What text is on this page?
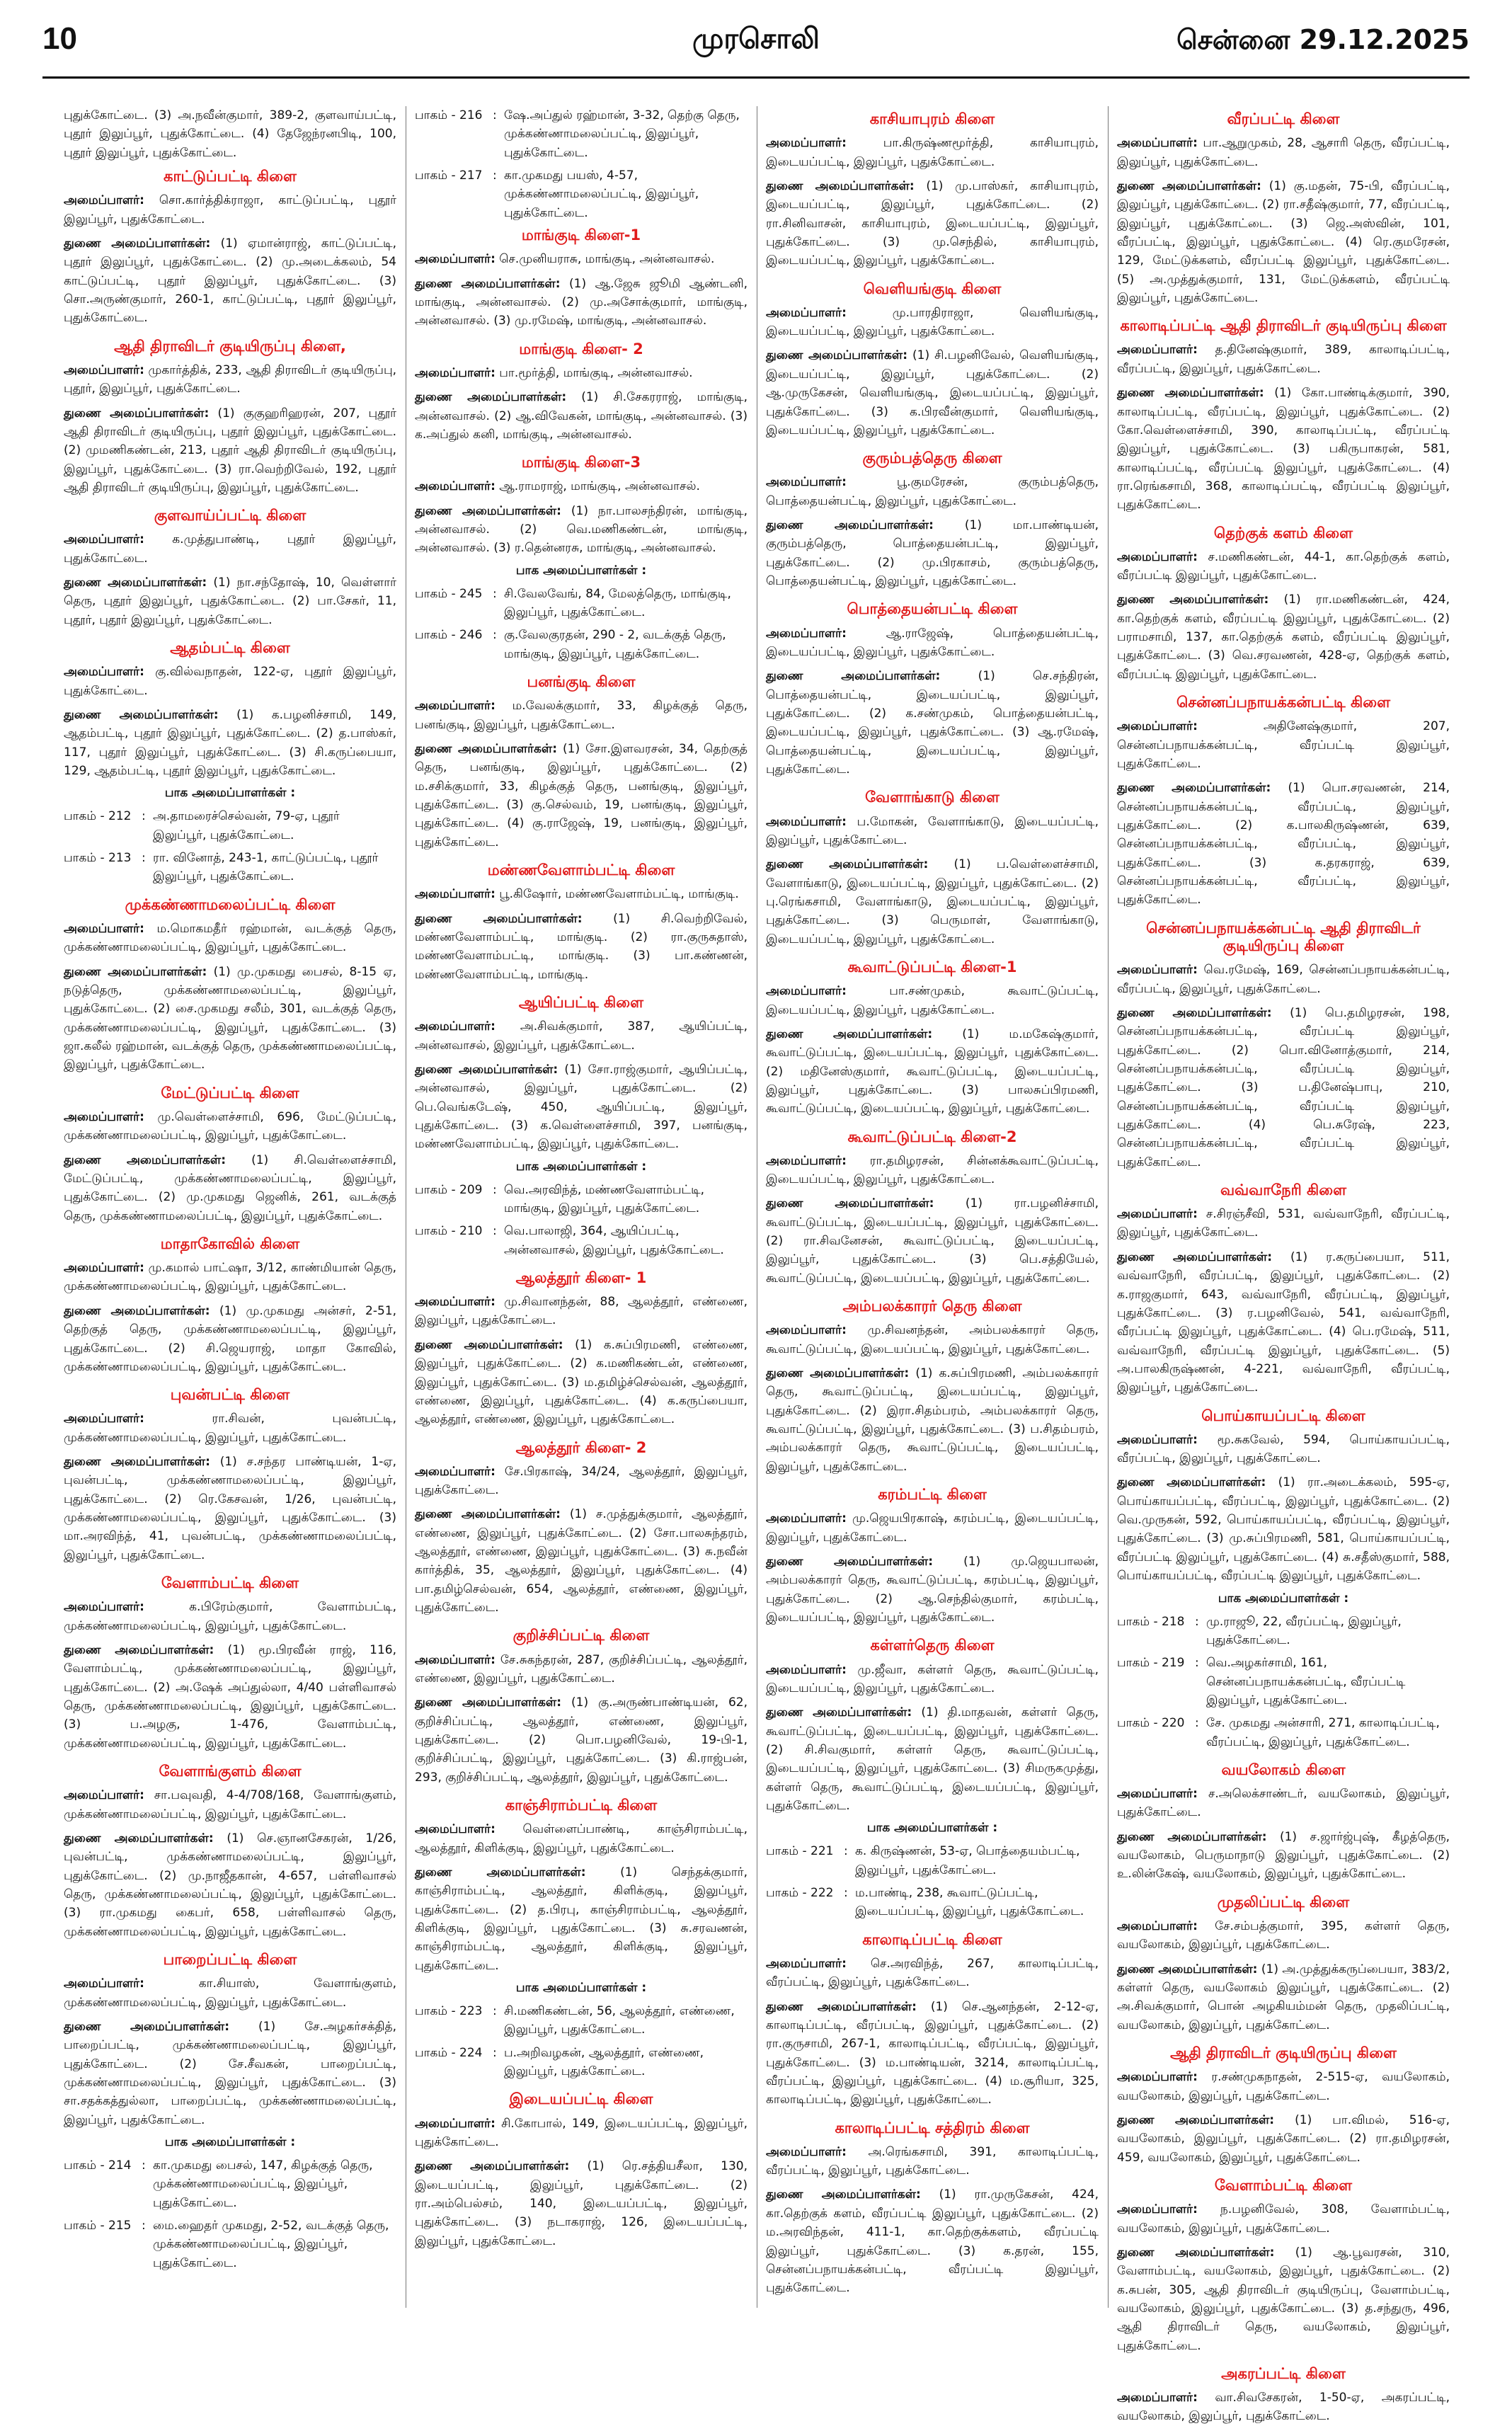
10	முரசொலி	சென்னை 29.12.2025

புதுக்கோட்டை. (3) அ.நவீன்குமார், 389-2, குளவாய்பட்டி, புதூர் இலுப்பூர், புதுக்கோட்டை. (4) தேஜேந்ரனபிடி, 100, புதூர் இலுப்பூர், புதுக்கோட்டை.

காட்டுப்பட்டி கிளை

அமைப்பாளர்: சொ.கார்த்திக்ராஜா, காட்டுப்பட்டி, புதூர் இலுப்பூர், புதுக்கோட்டை.

துணை அமைப்பாளர்கள்: (1) ஏமான்ராஜ், காட்டுப்பட்டி, புதூர் இலுப்பூர், புதுக்கோட்டை. (2) மு.அடைக்கலம், 54 காட்டுப்பட்டி, புதூர் இலுப்பூர், புதுக்கோட்டை. (3) சொ.அருண்குமார், 260-1, காட்டுப்பட்டி, புதூர் இலுப்பூர், புதுக்கோட்டை.

ஆதி திராவிடர் குடியிருப்பு கிளை,

அமைப்பாளர்: முகார்த்திக், 233, ஆதி திராவிடர் குடியிருப்பு, புதூர், இலுப்பூர், புதுக்கோட்டை.

துணை அமைப்பாளர்கள்: (1) குகுஹரிஹரன், 207, புதூர் ஆதி திராவிடர் குடியிருப்பு, புதூர் இலுப்பூர், புதுக்கோட்டை. (2) முமணிகண்டன், 213, புதூர் ஆதி திராவிடர் குடியிருப்பு, இலுப்பூர், புதுக்கோட்டை. (3) ரா.வெற்றிவேல், 192, புதூர் ஆதி திராவிடர் குடியிருப்பு, இலுப்பூர், புதுக்கோட்டை.

குளவாய்ப்பட்டி கிளை

அமைப்பாளர்: க.முத்துபாண்டி, புதூர் இலுப்பூர், புதுக்கோட்டை.

துணை அமைப்பாளர்கள்: (1) நா.சந்தோஷ், 10, வெள்ளார் தெரு, புதூர் இலுப்பூர், புதுக்கோட்டை. (2) பா.சேகர், 11, புதூர், புதூர் இலுப்பூர், புதுக்கோட்டை.

ஆதம்பட்டி கிளை

அமைப்பாளர்: கு.வில்வநாதன், 122-ஏ, புதூர் இலுப்பூர், புதுக்கோட்டை.

துணை அமைப்பாளர்கள்: (1) க.பழனிச்சாமி, 149, ஆதம்பட்டி, புதூர் இலுப்பூர், புதுக்கோட்டை. (2) த.பாஸ்கர், 117, புதூர் இலுப்பூர், புதுக்கோட்டை. (3) சி.கருப்பையா, 129, ஆதம்பட்டி, புதூர் இலுப்பூர், புதுக்கோட்டை.

பாக அமைப்பாளர்கள் :
பாகம் - 212 : அ.தாமரைச்செல்வன், 79-ஏ, புதூர் இலுப்பூர், புதுக்கோட்டை.
பாகம் - 213 : ரா. வினோத், 243-1, காட்டுப்பட்டி, புதூர் இலுப்பூர், புதுக்கோட்டை.
முக்கண்ணாமலைப்பட்டி கிளை

அமைப்பாளர்: ம.மொகமதீர் ரஹ்மான், வடக்குத் தெரு, முக்கண்ணாமலைப்பட்டி, இலுப்பூர், புதுக்கோட்டை.

துணை அமைப்பாளர்கள்: (1) மு.முகமது பைசல், 8-15 ஏ, நடுத்தெரு, முக்கண்ணாமலைப்பட்டி, இலுப்பூர், புதுக்கோட்டை. (2) சை.முகமது சலீம், 301, வடக்குத் தெரு, முக்கண்ணாமலைப்பட்டி, இலுப்பூர், புதுக்கோட்டை. (3) ஜா.கலீல் ரஹ்மான், வடக்குத் தெரு, முக்கண்ணாமலைப்பட்டி, இலுப்பூர், புதுக்கோட்டை.

மேட்டுப்பட்டி கிளை

அமைப்பாளர்: மு.வெள்ளைச்சாமி, 696, மேட்டுப்பட்டி, முக்கண்ணாமலைப்பட்டி, இலுப்பூர், புதுக்கோட்டை.

துணை அமைப்பாளர்கள்: (1) சி.வெள்ளைச்சாமி, மேட்டுப்பட்டி, முக்கண்ணாமலைப்பட்டி, இலுப்பூர், புதுக்கோட்டை. (2) மு.முகமது ஜெனிக், 261, வடக்குத் தெரு, முக்கண்ணாமலைப்பட்டி, இலுப்பூர், புதுக்கோட்டை.

மாதாகோவில் கிளை

அமைப்பாளர்: மு.கமால் பாட்ஷா, 3/12, காண்மியான் தெரு, முக்கண்ணாமலைப்பட்டி, இலுப்பூர், புதுக்கோட்டை.

துணை அமைப்பாளர்கள்: (1) மு.முகமது அன்சர், 2-51, தெற்குத் தெரு, முக்கண்ணாமலைப்பட்டி, இலுப்பூர், புதுக்கோட்டை. (2) சி.ஜெயராஜ், மாதா கோவில், முக்கண்ணாமலைப்பட்டி, இலுப்பூர், புதுக்கோட்டை.

புவன்பட்டி கிளை

அமைப்பாளர்:	ரா.சிவன், புவன்பட்டி, முக்கண்ணாமலைப்பட்டி, இலுப்பூர், புதுக்கோட்டை.

துணை அமைப்பாளர்கள்: (1) ச.சந்தர பாண்டியன், 1-ஏ, புவன்பட்டி, முக்கண்ணாமலைப்பட்டி, இலுப்பூர், புதுக்கோட்டை. (2) ரெ.கேசவன், 1/26, புவன்பட்டி, முக்கண்ணாமலைப்பட்டி, இலுப்பூர், புதுக்கோட்டை. (3) மா.அரவிந்த், 41, புவன்பட்டி, முக்கண்ணாமலைப்பட்டி, இலுப்பூர், புதுக்கோட்டை.

வேளாம்பட்டி கிளை

அமைப்பாளர்:	க.பிரேம்குமார், வேளாம்பட்டி, முக்கண்ணாமலைப்பட்டி, இலுப்பூர், புதுக்கோட்டை.

துணை அமைப்பாளர்கள்: (1) மூ.பிரவீன் ராஜ், 116, வேளாம்பட்டி, முக்கண்ணாமலைப்பட்டி, இலுப்பூர், புதுக்கோட்டை. (2) அ.ஷேக் அப்துல்லா, 4/40 பள்ளிவாசல் தெரு, முக்கண்ணாமலைப்பட்டி, இலுப்பூர், புதுக்கோட்டை. (3) ப.அழகு, 1-476, வேளாம்பட்டி, முக்கண்ணாமலைப்பட்டி, இலுப்பூர், புதுக்கோட்டை.

வேளாங்குளம் கிளை

அமைப்பாளர்: சா.பவுவதி, 4-4/708/168, வேளாங்குளம், முக்கண்ணாமலைப்பட்டி, இலுப்பூர், புதுக்கோட்டை.

துணை அமைப்பாளர்கள்: (1) செ.ஞானசேகரன், 1/26, புவன்பட்டி, முக்கண்ணாமலைப்பட்டி, இலுப்பூர், புதுக்கோட்டை. (2) மு.நாஜீதகான், 4-657, பள்ளிவாசல் தெரு, முக்கண்ணாமலைப்பட்டி, இலுப்பூர், புதுக்கோட்டை. (3) ரா.முகமது கைபர், 658, பள்ளிவாசல் தெரு, முக்கண்ணாமலைப்பட்டி, இலுப்பூர், புதுக்கோட்டை.

பாறைப்பட்டி கிளை

அமைப்பாளர்:	கா.சியாஸ், வேளாங்குளம், முக்கண்ணாமலைப்பட்டி, இலுப்பூர், புதுக்கோட்டை.

துணை அமைப்பாளர்கள்: (1) சே.அழகர்சக்தித், பாறைப்பட்டி, முக்கண்ணாமலைப்பட்டி, இலுப்பூர், புதுக்கோட்டை. (2) சே.சீவகன், பாறைப்பட்டி, முக்கண்ணாமலைப்பட்டி, இலுப்பூர், புதுக்கோட்டை. (3) சா.சதக்கத்துல்லா, பாறைப்பட்டி, முக்கண்ணாமலைப்பட்டி, இலுப்பூர், புதுக்கோட்டை.

பாக அமைப்பாளர்கள் :
பாகம் - 214 : கா.முகமது பைசல், 147, கிழக்குத் தெரு, முக்கண்ணாமலைப்பட்டி, இலுப்பூர், புதுக்கோட்டை.
பாகம் - 215 : மை.ஹைதர் முகமது, 2-52, வடக்குத் தெரு, முக்கண்ணாமலைப்பட்டி, இலுப்பூர், புதுக்கோட்டை.
பாகம் - 216 : ஷே.அப்துல் ரஹ்மான், 3-32, தெற்கு தெரு, முக்கண்ணாமலைப்பட்டி, இலுப்பூர், புதுக்கோட்டை.
பாகம் - 217 : கா.முகமது பயஸ், 4-57, முக்கண்ணாமலைப்பட்டி, இலுப்பூர், புதுக்கோட்டை.
மாங்குடி கிளை-1

அமைப்பாளர்: செ.முனியராசு, மாங்குடி, அன்னவாசல்.

துணை அமைப்பாளர்கள்: (1) ஆ.ஜேசு ஜூமி ஆண்டனி, மாங்குடி, அன்னவாசல். (2) மு.அசோக்குமார், மாங்குடி, அன்னவாசல். (3) மு.ரமேஷ், மாங்குடி, அன்னவாசல்.

மாங்குடி கிளை- 2

அமைப்பாளர்: பா.மூர்த்தி, மாங்குடி, அன்னவாசல்.

துணை அமைப்பாளர்கள்: (1) சி.சேகரராஜ், மாங்குடி, அன்னவாசல். (2) ஆ.விவேகன், மாங்குடி, அன்னவாசல். (3) க.அப்துல் கனி, மாங்குடி, அன்னவாசல்.

மாங்குடி கிளை-3

அமைப்பாளர்: ஆ.ராமராஜ், மாங்குடி, அன்னவாசல்.

துணை அமைப்பாளர்கள்: (1) நா.பாலசந்திரன், மாங்குடி, அன்னவாசல். (2) வெ.மணிகண்டன், மாங்குடி, அன்னவாசல். (3) ர.தென்னரசு, மாங்குடி, அன்னவாசல்.

பாக அமைப்பாளர்கள் :
பாகம் - 245 : சி.வேலவேங், 84, மேலத்தெரு, மாங்குடி, இலுப்பூர், புதுக்கோட்டை.
பாகம் - 246 : கு.வேலகுரதன், 290 - 2, வடக்குத் தெரு, மாங்குடி, இலுப்பூர், புதுக்கோட்டை.
பனங்குடி கிளை

அமைப்பாளர்: ம.வேலக்குமார், 33, கிழக்குத் தெரு, பனங்குடி, இலுப்பூர், புதுக்கோட்டை.

துணை அமைப்பாளர்கள்: (1) சோ.இளவரசன், 34, தெற்குத் தெரு, பனங்குடி, இலுப்பூர், புதுக்கோட்டை. (2) ம.சசிக்குமார், 33, கிழக்குத் தெரு, பனங்குடி, இலுப்பூர், புதுக்கோட்டை. (3) கு.செல்வம், 19, பனங்குடி, இலுப்பூர், புதுக்கோட்டை. (4) கு.ராஜேஷ், 19, பனங்குடி, இலுப்பூர், புதுக்கோட்டை.

மண்ணவேளாம்பட்டி கிளை

அமைப்பாளர்: பூ.கிஷோர், மண்ணவேளாம்பட்டி, மாங்குடி.

துணை அமைப்பாளர்கள்:	(1) சி.வெற்றிவேல், மண்ணவேளாம்பட்டி, மாங்குடி. (2) ரா.குருசுதாஸ், மண்ணவேளாம்பட்டி, மாங்குடி. (3) பா.கண்ணன், மண்ணவேளாம்பட்டி, மாங்குடி.

ஆயிப்பட்டி கிளை

அமைப்பாளர்: அ.சிவக்குமார், 387, ஆயிப்பட்டி, அன்னவாசல், இலுப்பூர், புதுக்கோட்டை.

துணை அமைப்பாளர்கள்: (1) சோ.ராஜ்குமார், ஆயிப்பட்டி, அன்னவாசல், இலுப்பூர், புதுக்கோட்டை. (2) பெ.வெங்கடேஷ், 450, ஆயிப்பட்டி, இலுப்பூர், புதுக்கோட்டை. (3) க.வெள்ளைச்சாமி, 397, பனங்குடி, மண்ணவேளாம்பட்டி, இலுப்பூர், புதுக்கோட்டை.

பாக அமைப்பாளர்கள் :
பாகம் - 209 : வெ.அரவிந்த், மண்ணவேளாம்பட்டி, மாங்குடி, இலுப்பூர், புதுக்கோட்டை.
பாகம் - 210 : வெ.பாலாஜி, 364, ஆயிப்பட்டி, அன்னவாசல், இலுப்பூர், புதுக்கோட்டை.
ஆலத்தூர் கிளை- 1

அமைப்பாளர்: மு.சிவானந்தன், 88, ஆலத்தூர், எண்ணை, இலுப்பூர், புதுக்கோட்டை.

துணை அமைப்பாளர்கள்: (1) க.சுப்பிரமணி, எண்ணை, இலுப்பூர், புதுக்கோட்டை. (2) க.மணிகண்டன், எண்ணை, இலுப்பூர், புதுக்கோட்டை. (3) ம.தமிழ்ச்செல்வன், ஆலத்தூர், எண்ணை, இலுப்பூர், புதுக்கோட்டை. (4) க.கருப்பையா, ஆலத்தூர், எண்ணை, இலுப்பூர், புதுக்கோட்டை.

ஆலத்தூர் கிளை- 2

அமைப்பாளர்: சே.பிரகாஷ், 34/24, ஆலத்தூர், இலுப்பூர், புதுக்கோட்டை.

துணை அமைப்பாளர்கள்: (1) ச.முத்துக்குமார், ஆலத்தூர், எண்ணை, இலுப்பூர், புதுக்கோட்டை. (2) சோ.பாலசுந்தரம், ஆலத்தூர், எண்ணை, இலுப்பூர், புதுக்கோட்டை. (3) சு.நவீன் கார்த்திக், 35, ஆலத்தூர், இலுப்பூர், புதுக்கோட்டை. (4) பா.தமிழ்செல்வன், 654, ஆலத்தூர், எண்ணை, இலுப்பூர், புதுக்கோட்டை.

குறிச்சிப்பட்டி கிளை

அமைப்பாளர்: சே.சுகந்தரன், 287, குறிச்சிப்பட்டி, ஆலத்தூர், எண்ணை, இலுப்பூர், புதுக்கோட்டை.

துணை அமைப்பாளர்கள்: (1) கு.அருண்பாண்டியன், 62, குறிச்சிப்பட்டி, ஆலத்தூர், எண்ணை, இலுப்பூர், புதுக்கோட்டை. (2) பொ.பழனிவேல், 19-பி-1, குறிச்சிப்பட்டி, இலுப்பூர், புதுக்கோட்டை. (3) கி.ராஜ்பன், 293, குறிச்சிப்பட்டி, ஆலத்தூர், இலுப்பூர், புதுக்கோட்டை.

காஞ்சிராம்பட்டி கிளை

அமைப்பாளர்: வெள்ளைப்பாண்டி, காஞ்சிராம்பட்டி, ஆலத்தூர், கிளிக்குடி, இலுப்பூர், புதுக்கோட்டை.

துணை அமைப்பாளர்கள்:	(1) செந்தக்குமார், காஞ்சிராம்பட்டி, ஆலத்தூர், கிளிக்குடி, இலுப்பூர், புதுக்கோட்டை. (2) த.பிரபு, காஞ்சிராம்பட்டி, ஆலத்தூர், கிளிக்குடி, இலுப்பூர், புதுக்கோட்டை. (3) சு.சரவணன், காஞ்சிராம்பட்டி, ஆலத்தூர், கிளிக்குடி, இலுப்பூர், புதுக்கோட்டை.

பாக அமைப்பாளர்கள் :
பாகம் - 223 : சி.மணிகண்டன், 56, ஆலத்தூர், எண்ணை, இலுப்பூர், புதுக்கோட்டை.
பாகம் - 224 : ப.அறிவழகன், ஆலத்தூர், எண்ணை, இலுப்பூர், புதுக்கோட்டை.
இடையப்பட்டி கிளை

அமைப்பாளர்: சி.கோபால், 149, இடையப்பட்டி, இலுப்பூர், புதுக்கோட்டை.

துணை அமைப்பாளர்கள்: (1) ரெ.சத்தியசீலா, 130, இடையப்பட்டி, இலுப்பூர், புதுக்கோட்டை. (2) ரா.அம்பெல்சம், 140, இடையப்பட்டி, இலுப்பூர், புதுக்கோட்டை. (3) நடாகராஜ், 126, இடையப்பட்டி, இலுப்பூர், புதுக்கோட்டை.

காசியாபுரம் கிளை

அமைப்பாளர்:	பா.கிருஷ்ணமூர்த்தி, காசியாபுரம், இடையப்பட்டி, இலுப்பூர், புதுக்கோட்டை.

துணை அமைப்பாளர்கள்: (1) மு.பாஸ்கர், காசியாபுரம், இடையப்பட்டி, இலுப்பூர், புதுக்கோட்டை. (2) ரா.சினிவாசன், காசியாபுரம், இடையப்பட்டி, இலுப்பூர், புதுக்கோட்டை. (3) மு.செந்தில், காசியாபுரம், இடையப்பட்டி, இலுப்பூர், புதுக்கோட்டை.

வெளியங்குடி கிளை

அமைப்பாளர்:	மு.பாரதிராஜா, வெளியங்குடி, இடையப்பட்டி, இலுப்பூர், புதுக்கோட்டை.

துணை அமைப்பாளர்கள்: (1) சி.பழனிவேல், வெளியங்குடி, இடையப்பட்டி, இலுப்பூர், புதுக்கோட்டை. (2) ஆ.முருகேசன், வெளியங்குடி, இடையப்பட்டி, இலுப்பூர், புதுக்கோட்டை. (3) க.பிரவீன்குமார், வெளியங்குடி, இடையப்பட்டி, இலுப்பூர், புதுக்கோட்டை.

குரும்பத்தெரு கிளை

அமைப்பாளர்:	பூ.குமரேசன், குரும்பத்தெரு, பொத்தையன்பட்டி, இலுப்பூர், புதுக்கோட்டை.

துணை அமைப்பாளர்கள்:	(1) மா.பாண்டியன், குரும்பத்தெரு, பொத்தையன்பட்டி, இலுப்பூர், புதுக்கோட்டை. (2) மு.பிரகாசம், குரும்பத்தெரு, பொத்தையன்பட்டி, இலுப்பூர், புதுக்கோட்டை.

பொத்தையன்பட்டி கிளை

அமைப்பாளர்:	ஆ.ராஜேஷ், பொத்தையன்பட்டி, இடையப்பட்டி, இலுப்பூர், புதுக்கோட்டை.

துணை அமைப்பாளர்கள்:	(1) செ.சந்திரன், பொத்தையன்பட்டி, இடையப்பட்டி, இலுப்பூர், புதுக்கோட்டை. (2) க.சண்முகம், பொத்தையன்பட்டி, இடையப்பட்டி, இலுப்பூர், புதுக்கோட்டை. (3) ஆ.ரமேஷ், பொத்தையன்பட்டி, இடையப்பட்டி, இலுப்பூர், புதுக்கோட்டை.

வேளாங்காடு கிளை

அமைப்பாளர்: ப.மோகன், வேளாங்காடு, இடையப்பட்டி, இலுப்பூர், புதுக்கோட்டை.

துணை அமைப்பாளர்கள்: (1) ப.வெள்ளைச்சாமி, வேளாங்காடு, இடையப்பட்டி, இலுப்பூர், புதுக்கோட்டை. (2) பு.ரெங்கசாமி, வேளாங்காடு, இடையப்பட்டி, இலுப்பூர், புதுக்கோட்டை. (3) பெருமாள், வேளாங்காடு, இடையப்பட்டி, இலுப்பூர், புதுக்கோட்டை.

கூவாட்டுப்பட்டி கிளை-1

அமைப்பாளர்:	பா.சண்முகம், கூவாட்டுப்பட்டி, இடையப்பட்டி, இலுப்பூர், புதுக்கோட்டை.

துணை அமைப்பாளர்கள்: (1) ம.மகேஷ்குமார், கூவாட்டுப்பட்டி, இடையப்பட்டி, இலுப்பூர், புதுக்கோட்டை. (2) மதினேஸ்குமார், கூவாட்டுப்பட்டி, இடையப்பட்டி, இலுப்பூர், புதுக்கோட்டை. (3) பாலசுப்பிரமணி, கூவாட்டுப்பட்டி, இடையப்பட்டி, இலுப்பூர், புதுக்கோட்டை.

கூவாட்டுப்பட்டி கிளை-2

அமைப்பாளர்: ரா.தமிழரசன், சின்னக்கூவாட்டுப்பட்டி, இடையப்பட்டி, இலுப்பூர், புதுக்கோட்டை.

துணை அமைப்பாளர்கள்:	(1) ரா.பழனிச்சாமி, கூவாட்டுப்பட்டி, இடையப்பட்டி, இலுப்பூர், புதுக்கோட்டை. (2) ரா.சிவனேசன், கூவாட்டுப்பட்டி, இடையப்பட்டி, இலுப்பூர், புதுக்கோட்டை. (3) பெ.சத்தியேல், கூவாட்டுப்பட்டி, இடையப்பட்டி, இலுப்பூர், புதுக்கோட்டை.

அம்பலக்காரர் தெரு கிளை

அமைப்பாளர்: மு.சிவனந்தன், அம்பலக்காரர் தெரு, கூவாட்டுப்பட்டி, இடையப்பட்டி, இலுப்பூர், புதுக்கோட்டை.

துணை அமைப்பாளர்கள்: (1) க.சுப்பிரமணி, அம்பலக்காரர் தெரு, கூவாட்டுப்பட்டி, இடையப்பட்டி, இலுப்பூர், புதுக்கோட்டை. (2) இரா.சிதம்பரம், அம்பலக்காரர் தெரு, கூவாட்டுப்பட்டி, இலுப்பூர், புதுக்கோட்டை. (3) ப.சிதம்பரம், அம்பலக்காரர் தெரு, கூவாட்டுப்பட்டி, இடையப்பட்டி, இலுப்பூர், புதுக்கோட்டை.

கரம்பட்டி கிளை

அமைப்பாளர்: மு.ஜெயபிரகாஷ், கரம்பட்டி, இடையப்பட்டி, இலுப்பூர், புதுக்கோட்டை.

துணை அமைப்பாளர்கள்:	(1) மு.ஜெயபாலன், அம்பலக்காரர் தெரு, கூவாட்டுப்பட்டி, கரம்பட்டி, இலுப்பூர், புதுக்கோட்டை. (2) ஆ.செந்தில்குமார், கரம்பட்டி, இடையப்பட்டி, இலுப்பூர், புதுக்கோட்டை.

கள்ளர்தெரு கிளை

அமைப்பாளர்: மு.ஜீவா, கள்ளர் தெரு, கூவாட்டுப்பட்டி, இடையப்பட்டி, இலுப்பூர், புதுக்கோட்டை.

துணை அமைப்பாளர்கள்: (1) தி.மாதவன், கள்ளர் தெரு, கூவாட்டுப்பட்டி, இடையப்பட்டி, இலுப்பூர், புதுக்கோட்டை. (2) சி.சிவகுமார், கள்ளர் தெரு, கூவாட்டுப்பட்டி, இடையப்பட்டி, இலுப்பூர், புதுக்கோட்டை. (3) சிமருகமுத்து, கள்ளர் தெரு, கூவாட்டுப்பட்டி, இடையப்பட்டி, இலுப்பூர், புதுக்கோட்டை.

பாக அமைப்பாளர்கள் :
பாகம் - 221 : க. கிருஷ்ணன், 53-ஏ, பொத்தையம்பட்டி, இலுப்பூர், புதுக்கோட்டை.
பாகம் - 222 : ம.பாண்டி, 238, கூவாட்டுப்பட்டி, இடையப்பட்டி, இலுப்பூர், புதுக்கோட்டை.
காலாடிப்பட்டி கிளை

அமைப்பாளர்: செ.அரவிந்த், 267, காலாடிப்பட்டி, வீரப்பட்டி, இலுப்பூர், புதுக்கோட்டை.

துணை அமைப்பாளர்கள்: (1) செ.ஆனந்தன், 2-12-ஏ, காலாடிப்பட்டி, வீரப்பட்டி, இலுப்பூர், புதுக்கோட்டை. (2) ரா.குருசாமி, 267-1, காலாடிப்பட்டி, வீரப்பட்டி, இலுப்பூர், புதுக்கோட்டை. (3) ம.பாண்டியன், 3214, காலாடிப்பட்டி, வீரப்பட்டி, இலுப்பூர், புதுக்கோட்டை. (4) ம.சூரியா, 325, காலாடிப்பட்டி, இலுப்பூர், புதுக்கோட்டை.

காலாடிப்பட்டி சத்திரம் கிளை

அமைப்பாளர்: அ.ரெங்கசாமி, 391, காலாடிப்பட்டி, வீரப்பட்டி, இலுப்பூர், புதுக்கோட்டை.

துணை அமைப்பாளர்கள்: (1) ரா.முருகேசன், 424, கா.தெற்குக் களம், வீரப்பட்டி இலுப்பூர், புதுக்கோட்டை. (2) ம.அரவிந்தன், 411-1, கா.தெற்குக்களம், வீரப்பட்டி இலுப்பூர், புதுக்கோட்டை. (3) க.தரன், 155, சென்னப்பநாயக்கன்பட்டி, வீரப்பட்டி இலுப்பூர், புதுக்கோட்டை.

வீரப்பட்டி கிளை

அமைப்பாளர்: பா.ஆறுமுகம், 28, ஆசாரி தெரு, வீரப்பட்டி, இலுப்பூர், புதுக்கோட்டை.

துணை அமைப்பாளர்கள்: (1) கு.மதன், 75-பி, வீரப்பட்டி, இலுப்பூர், புதுக்கோட்டை. (2) ரா.சதீஷ்குமார், 77, வீரப்பட்டி, இலுப்பூர், புதுக்கோட்டை. (3) ஜெ.அஸ்வின், 101, வீரப்பட்டி, இலுப்பூர், புதுக்கோட்டை. (4) ரெ.குமரேசன், 129, மேட்டுக்களம், வீரப்பட்டி இலுப்பூர், புதுக்கோட்டை. (5) அ.முத்துக்குமார், 131, மேட்டுக்களம், வீரப்பட்டி இலுப்பூர், புதுக்கோட்டை.

காலாடிப்பட்டி ஆதி திராவிடர் குடியிருப்பு கிளை

அமைப்பாளர்: த.தினேஷ்குமார், 389, காலாடிப்பட்டி, வீரப்பட்டி, இலுப்பூர், புதுக்கோட்டை.

துணை அமைப்பாளர்கள்: (1) கோ.பாண்டிக்குமார், 390, காலாடிப்பட்டி, வீரப்பட்டி, இலுப்பூர், புதுக்கோட்டை. (2) கோ.வெள்ளைச்சாமி, 390, காலாடிப்பட்டி, வீரப்பட்டி இலுப்பூர், புதுக்கோட்டை. (3) பகிருபாகரன், 581, காலாடிப்பட்டி, வீரப்பட்டி இலுப்பூர், புதுக்கோட்டை. (4) ரா.ரெங்கசாமி, 368, காலாடிப்பட்டி, வீரப்பட்டி இலுப்பூர், புதுக்கோட்டை.

தெற்குக் களம் கிளை

அமைப்பாளர்: ச.மணிகண்டன், 44-1, கா.தெற்குக் களம், வீரப்பட்டி இலுப்பூர், புதுக்கோட்டை.

துணை அமைப்பாளர்கள்: (1) ரா.மணிகண்டன், 424, கா.தெற்குக் களம், வீரப்பட்டி இலுப்பூர், புதுக்கோட்டை. (2) பராமசாமி, 137, கா.தெற்குக் களம், வீரப்பட்டி இலுப்பூர், புதுக்கோட்டை. (3) வெ.சரவணன், 428-ஏ, தெற்குக் களம், வீரப்பட்டி இலுப்பூர், புதுக்கோட்டை.

சென்னப்பநாயக்கன்பட்டி கிளை

அமைப்பாளர்:	அதினேஷ்குமார், 207, சென்னப்பநாயக்கன்பட்டி, வீரப்பட்டி இலுப்பூர், புதுக்கோட்டை.

துணை அமைப்பாளர்கள்: (1) பொ.சரவணன், 214, சென்னப்பநாயக்கன்பட்டி, வீரப்பட்டி, இலுப்பூர், புதுக்கோட்டை. (2) க.பாலகிருஷ்ணன், 639, சென்னப்பநாயக்கன்பட்டி, வீரப்பட்டி, இலுப்பூர், புதுக்கோட்டை. (3) க.தரகராஜ், 639, சென்னப்பநாயக்கன்பட்டி, வீரப்பட்டி, இலுப்பூர், புதுக்கோட்டை.

சென்னப்பநாயக்கன்பட்டி ஆதி திராவிடர் குடியிருப்பு கிளை

அமைப்பாளர்: வெ.ரமேஷ், 169, சென்னப்பநாயக்கன்பட்டி, வீரப்பட்டி, இலுப்பூர், புதுக்கோட்டை.

துணை அமைப்பாளர்கள்: (1) பெ.தமிழரசன், 198, சென்னப்பநாயக்கன்பட்டி, வீரப்பட்டி இலுப்பூர், புதுக்கோட்டை. (2) பொ.வினோத்குமார், 214, சென்னப்பநாயக்கன்பட்டி, வீரப்பட்டி இலுப்பூர், புதுக்கோட்டை. (3) ப.தினேஷ்பாபு, 210, சென்னப்பநாயக்கன்பட்டி, வீரப்பட்டி இலுப்பூர், புதுக்கோட்டை. (4) பெ.சுரேஷ், 223, சென்னப்பநாயக்கன்பட்டி, வீரப்பட்டி இலுப்பூர், புதுக்கோட்டை.

வவ்வாநேரி கிளை

அமைப்பாளர்: ச.சிரஞ்சீவி, 531, வவ்வாநேரி, வீரப்பட்டி, இலுப்பூர், புதுக்கோட்டை.

துணை அமைப்பாளர்கள்: (1) ர.கருப்பையா, 511, வவ்வாநேரி, வீரப்பட்டி, இலுப்பூர், புதுக்கோட்டை. (2) க.ராஜகுமார், 643, வவ்வாநேரி, வீரப்பட்டி, இலுப்பூர், புதுக்கோட்டை. (3) ர.பழனிவேல், 541, வவ்வாநேரி, வீரப்பட்டி இலுப்பூர், புதுக்கோட்டை. (4) பெ.ரமேஷ், 511, வவ்வாநேரி, வீரப்பட்டி இலுப்பூர், புதுக்கோட்டை. (5) அ.பாலகிருஷ்ணன், 4-221, வவ்வாநேரி, வீரப்பட்டி, இலுப்பூர், புதுக்கோட்டை.

பொய்காயப்பட்டி கிளை

அமைப்பாளர்: மூ.சுகவேல், 594, பொய்காயப்பட்டி, வீரப்பட்டி, இலுப்பூர், புதுக்கோட்டை.

துணை அமைப்பாளர்கள்: (1) ரா.அடைக்கலம், 595-ஏ, பொய்காயப்பட்டி, வீரப்பட்டி, இலுப்பூர், புதுக்கோட்டை. (2) வெ.முருகன், 592, பொய்காயப்பட்டி, வீரப்பட்டி, இலுப்பூர், புதுக்கோட்டை. (3) மு.சுப்பிரமணி, 581, பொய்காயப்பட்டி, வீரப்பட்டி இலுப்பூர், புதுக்கோட்டை. (4) சு.சதீஸ்குமார், 588, பொய்காயப்பட்டி, வீரப்பட்டி இலுப்பூர், புதுக்கோட்டை.

பாக அமைப்பாளர்கள் :
பாகம் - 218 : மு.ராஜூ, 22, வீரப்பட்டி, இலுப்பூர், புதுக்கோட்டை.
பாகம் - 219 : வெ.அழகர்சாமி, 161, சென்னப்பநாயக்கன்பட்டி, வீரப்பட்டி இலுப்பூர், புதுக்கோட்டை.
பாகம் - 220 : சே. முகமது அன்சாரி, 271, காலாடிப்பட்டி, வீரப்பட்டி, இலுப்பூர், புதுக்கோட்டை.
வயலோகம் கிளை

அமைப்பாளர்: ச.அலெக்சாண்டர், வயலோகம், இலுப்பூர், புதுக்கோட்டை.

துணை அமைப்பாளர்கள்: (1) ச.ஜார்ஜ்புஷ், கீழத்தெரு, வயலோகம், பெருமாநாடு இலுப்பூர், புதுக்கோட்டை. (2) உ.லின்கேஷ், வயலோகம், இலுப்பூர், புதுக்கோட்டை.

முதலிப்பட்டி கிளை

அமைப்பாளர்: சே.சம்பத்குமார், 395, கள்ளர் தெரு, வயலோகம், இலுப்பூர், புதுக்கோட்டை.

துணை அமைப்பாளர்கள்: (1) அ.முத்துக்கருப்பையா, 383/2, கள்ளர் தெரு, வயலோகம் இலுப்பூர், புதுக்கோட்டை. (2) அ.சிவக்குமார், பொன் அழகியம்மன் தெரு, முதலிப்பட்டி, வயலோகம், இலுப்பூர், புதுக்கோட்டை.

ஆதி திராவிடர் குடியிருப்பு கிளை

அமைப்பாளர்: ர.சண்முகநாதன், 2-515-ஏ, வயலோகம், வயலோகம், இலுப்பூர், புதுக்கோட்டை.

துணை அமைப்பாளர்கள்: (1) பா.விமல், 516-ஏ, வயலோகம், இலுப்பூர், புதுக்கோட்டை. (2) ரா.தமிழரசன், 459, வயலோகம், இலுப்பூர், புதுக்கோட்டை.

வேளாம்பட்டி கிளை

அமைப்பாளர்: ந.பழனிவேல், 308, வேளாம்பட்டி, வயலோகம், இலுப்பூர், புதுக்கோட்டை.

துணை அமைப்பாளர்கள்: (1) ஆ.பூவரசன், 310, வேளாம்பட்டி, வயலோகம், இலுப்பூர், புதுக்கோட்டை. (2) க.சுபன், 305, ஆதி திராவிடர் குடியிருப்பு, வேளாம்பட்டி, வயலோகம், இலுப்பூர், புதுக்கோட்டை. (3) த.சந்துரு, 496, ஆதி திராவிடர் தெரு, வயலோகம், இலுப்பூர், புதுக்கோட்டை.

அகரப்பட்டி கிளை

அமைப்பாளர்: வா.சிவசேகரன், 1-50-ஏ, அகரப்பட்டி, வயலோகம், இலுப்பூர், புதுக்கோட்டை.
